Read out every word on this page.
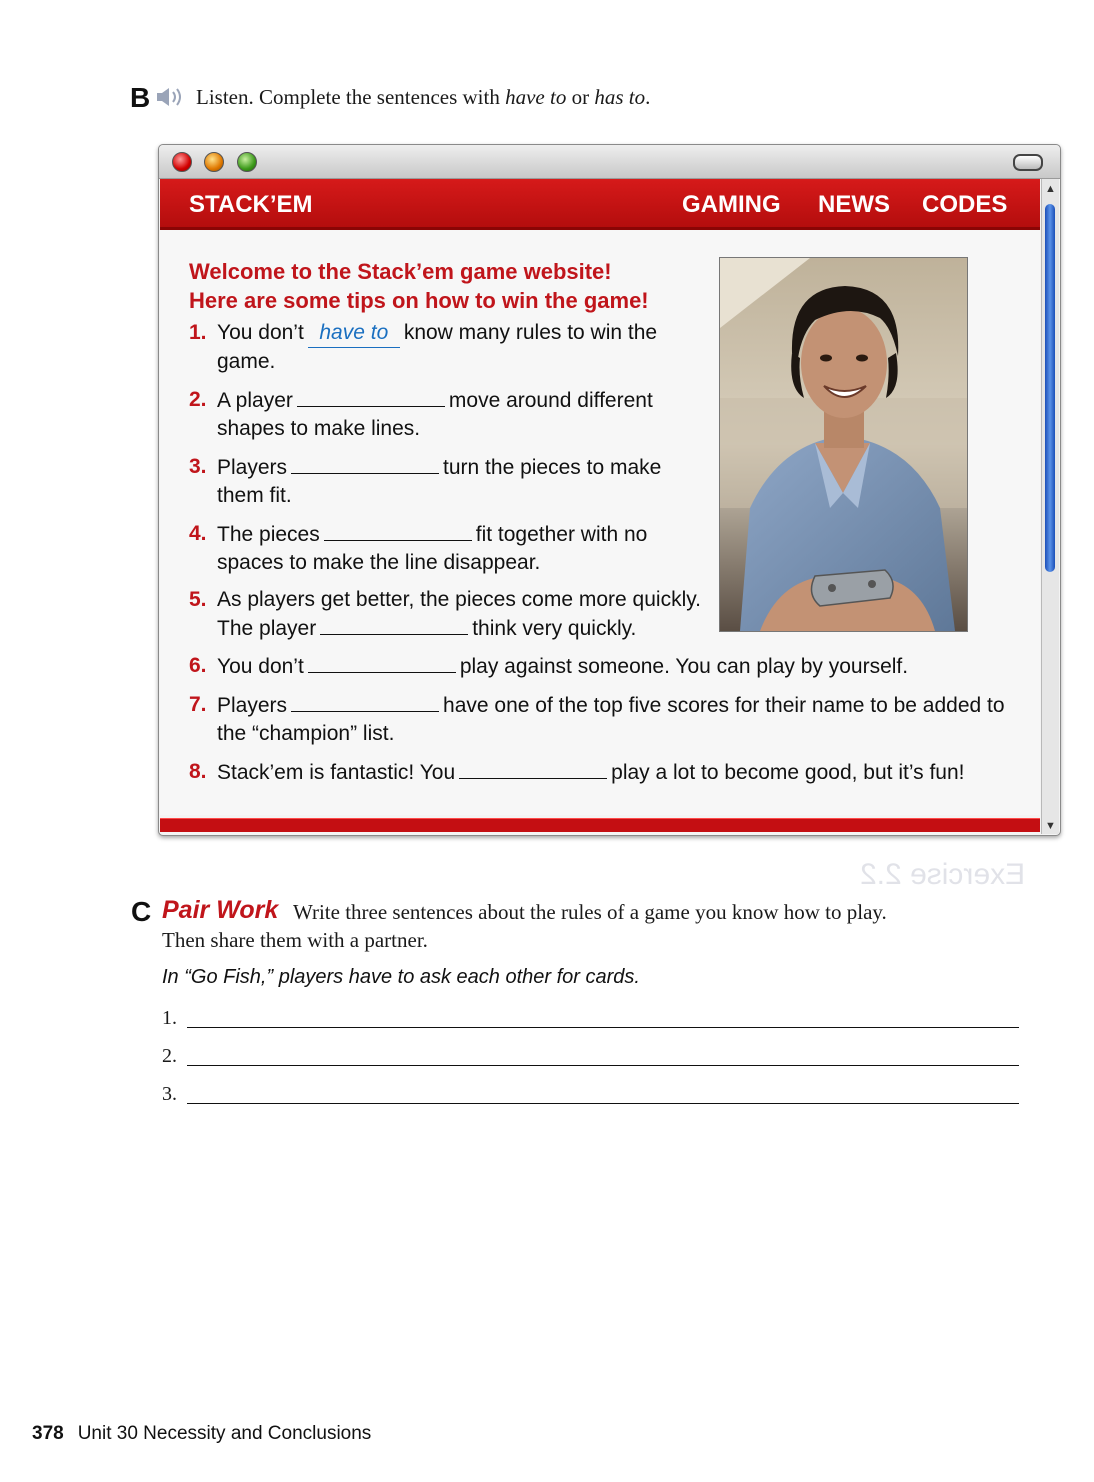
Exercise 2.2
B Listen. Complete the sentences with have to or has to.
STACK’EM	GAMING NEWS CODES
Welcome to the Stack’em game website!
Here are some tips on how to win the game!
1. You don’t have to know many rules to win the
game.
2. A player	move around different
shapes to make lines.
3. Players	turn the pieces to make
them fit.
4. The pieces	fit together with no
spaces to make the line disappear.
5. As players get better, the pieces come more quickly.
The player	think very quickly.
6. You don’t	play against someone. You can play by yourself.
7. Players	have one of the top five scores for their name to be added to
the “champion” list.
8. Stack’em is fantastic! You	play a lot to become good, but it’s fun!
▲
▼
C Pair Work Write three sentences about the rules of a game you know how to play.
Then share them with a partner.
In “Go Fish,” players have to ask each other for cards.
1.
2.
3.
378 Unit 30 Necessity and Conclusions
